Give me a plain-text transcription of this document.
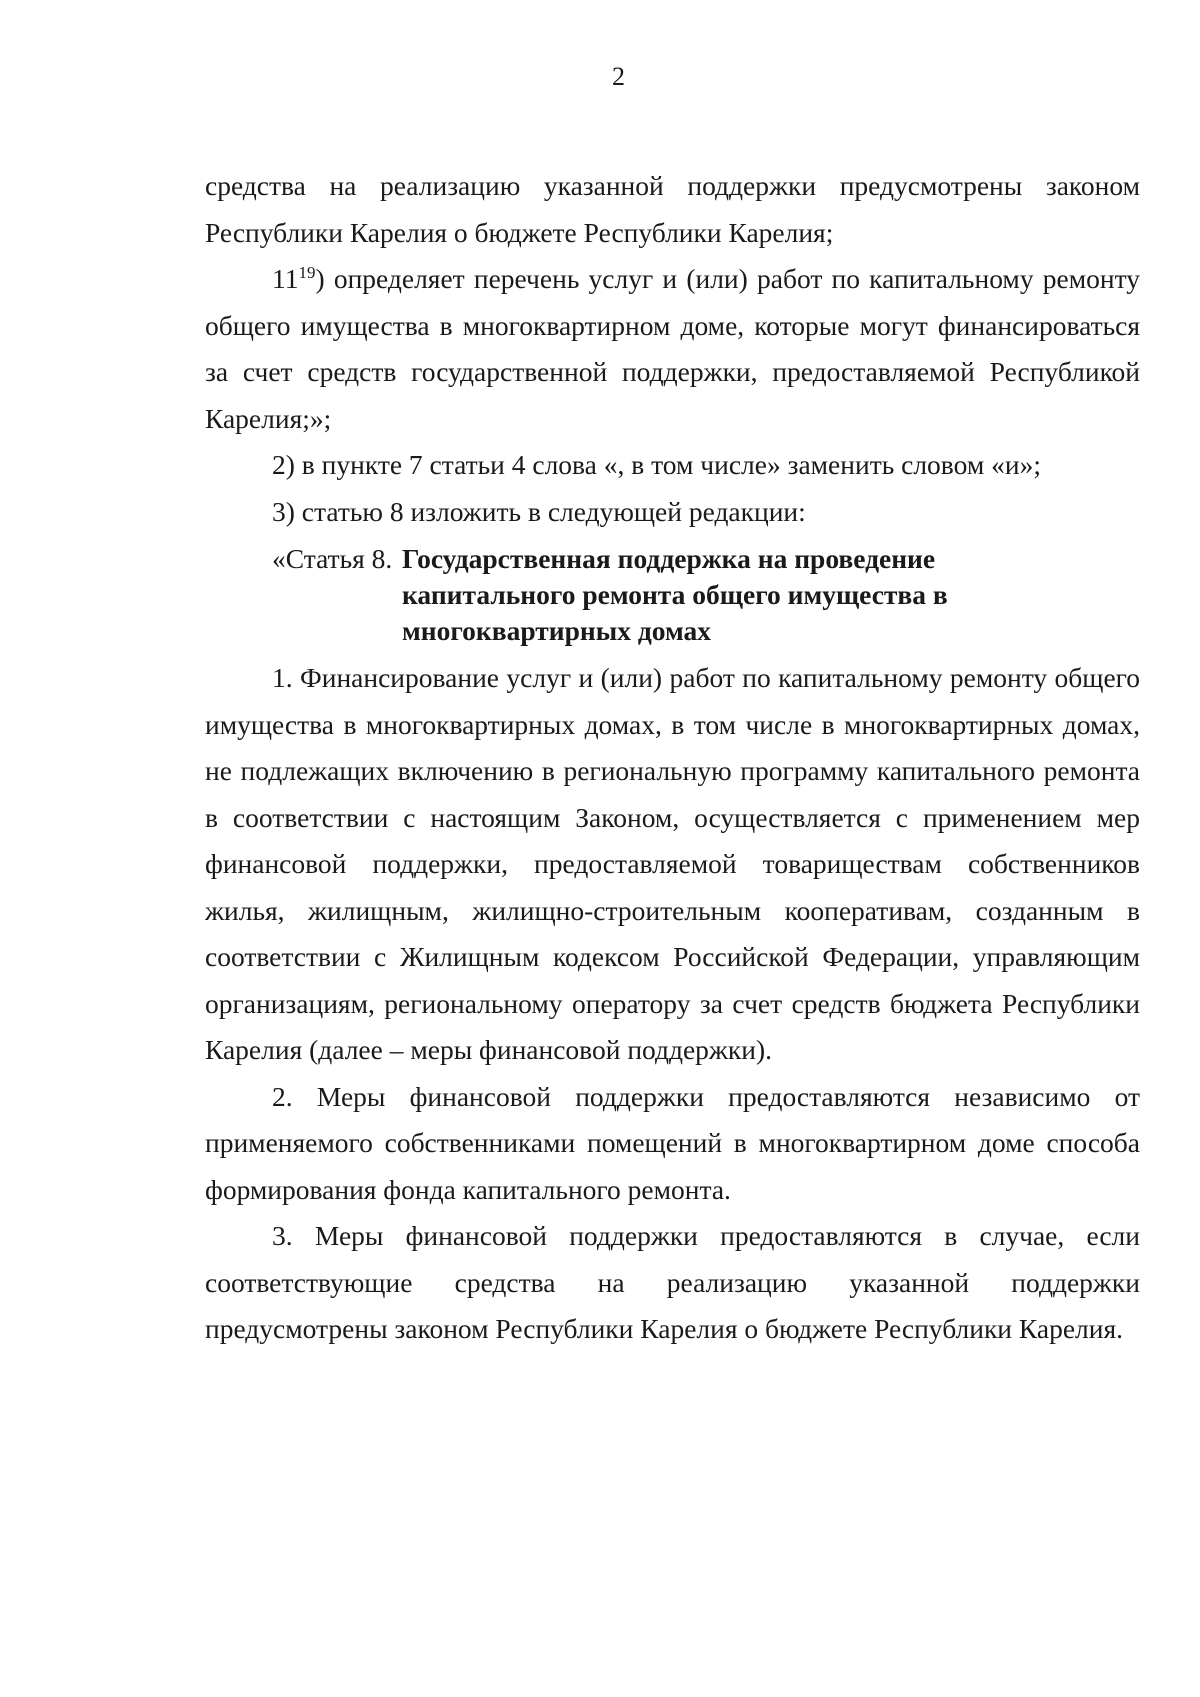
2

средства на реализацию указанной поддержки предусмотрены законом Республики Карелия о бюджете Республики Карелия;

$11^{19}$) определяет перечень услуг и (или) работ по капитальному ремонту общего имущества в многоквартирном доме, которые могут финансироваться за счет средств государственной поддержки, предоставляемой Республикой Карелия;»;

2) в пункте 7 статьи 4 слова «, в том числе» заменить словом «и»;

3) статью 8 изложить в следующей редакции:

«Статья 8. Государственная поддержка на проведение капитального ремонта общего имущества в многоквартирных домах

1. Финансирование услуг и (или) работ по капитальному ремонту общего имущества в многоквартирных домах, в том числе в многоквартирных домах, не подлежащих включению в региональную программу капитального ремонта в соответствии с настоящим Законом, осуществляется с применением мер финансовой поддержки, предоставляемой товариществам собственников жилья, жилищным, жилищно-строительным кооперативам, созданным в соответствии с Жилищным кодексом Российской Федерации, управляющим организациям, региональному оператору за счет средств бюджета Республики Карелия (далее – меры финансовой поддержки).

2. Меры финансовой поддержки предоставляются независимо от применяемого собственниками помещений в многоквартирном доме способа формирования фонда капитального ремонта.

3. Меры финансовой поддержки предоставляются в случае, если соответствующие средства на реализацию указанной поддержки предусмотрены законом Республики Карелия о бюджете Республики Карелия.
